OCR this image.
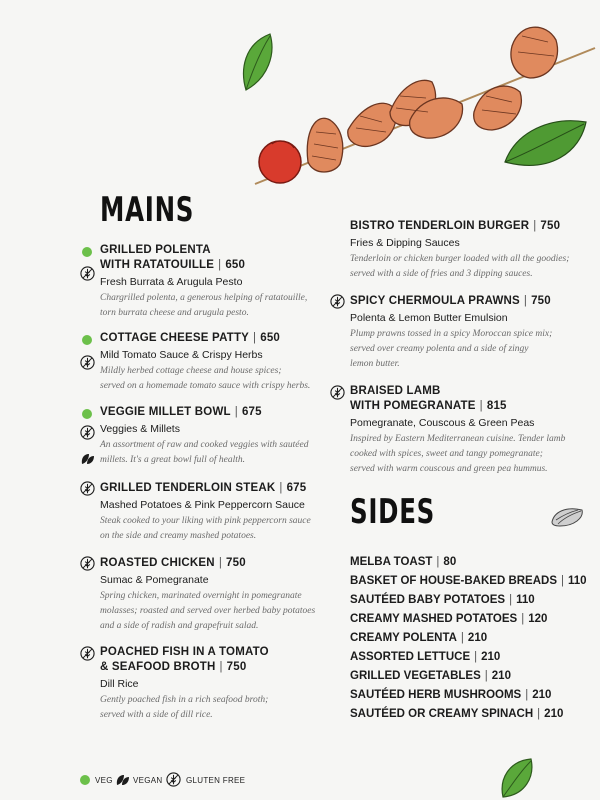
MAINS
SIDES
GRILLED POLENTA
WITH RATATOUILLE | 650
Fresh Burrata & Arugula Pesto
Chargrilled polenta, a generous helping of ratatouille,
torn burrata cheese and arugula pesto.
COTTAGE CHEESE PATTY | 650
Mild Tomato Sauce & Crispy Herbs
Mildly herbed cottage cheese and house spices;
served on a homemade tomato sauce with crispy herbs.
VEGGIE MILLET BOWL | 675
Veggies & Millets
An assortment of raw and cooked veggies with sautéed
millets. It's a great bowl full of health.
GRILLED TENDERLOIN STEAK | 675
Mashed Potatoes & Pink Peppercorn Sauce
Steak cooked to your liking with pink peppercorn sauce
on the side and creamy mashed potatoes.
ROASTED CHICKEN | 750
Sumac & Pomegranate
Spring chicken, marinated overnight in pomegranate
molasses; roasted and served over herbed baby potatoes
and a side of radish and grapefruit salad.
POACHED FISH IN A TOMATO
& SEAFOOD BROTH | 750
Dill Rice
Gently poached fish in a rich seafood broth;
served with a side of dill rice.
BISTRO TENDERLOIN BURGER | 750
Fries & Dipping Sauces
Tenderloin or chicken burger loaded with all the goodies;
served with a side of fries and 3 dipping sauces.
SPICY CHERMOULA PRAWNS | 750
Polenta & Lemon Butter Emulsion
Plump prawns tossed in a spicy Moroccan spice mix;
served over creamy polenta and a side of zingy
lemon butter.
BRAISED LAMB
WITH POMEGRANATE | 815
Pomegranate, Couscous & Green Peas
Inspired by Eastern Mediterranean cuisine. Tender lamb
cooked with spices, sweet and tangy pomegranate;
served with warm couscous and green pea hummus.
MELBA TOAST | 80
BASKET OF HOUSE-BAKED BREADS | 110
SAUTÉED BABY POTATOES | 110
CREAMY MASHED POTATOES | 120
CREAMY POLENTA | 210
ASSORTED LETTUCE | 210
GRILLED VEGETABLES | 210
SAUTÉED HERB MUSHROOMS | 210
SAUTÉED OR CREAMY SPINACH | 210
VEG	VEGAN	GLUTEN FREE
